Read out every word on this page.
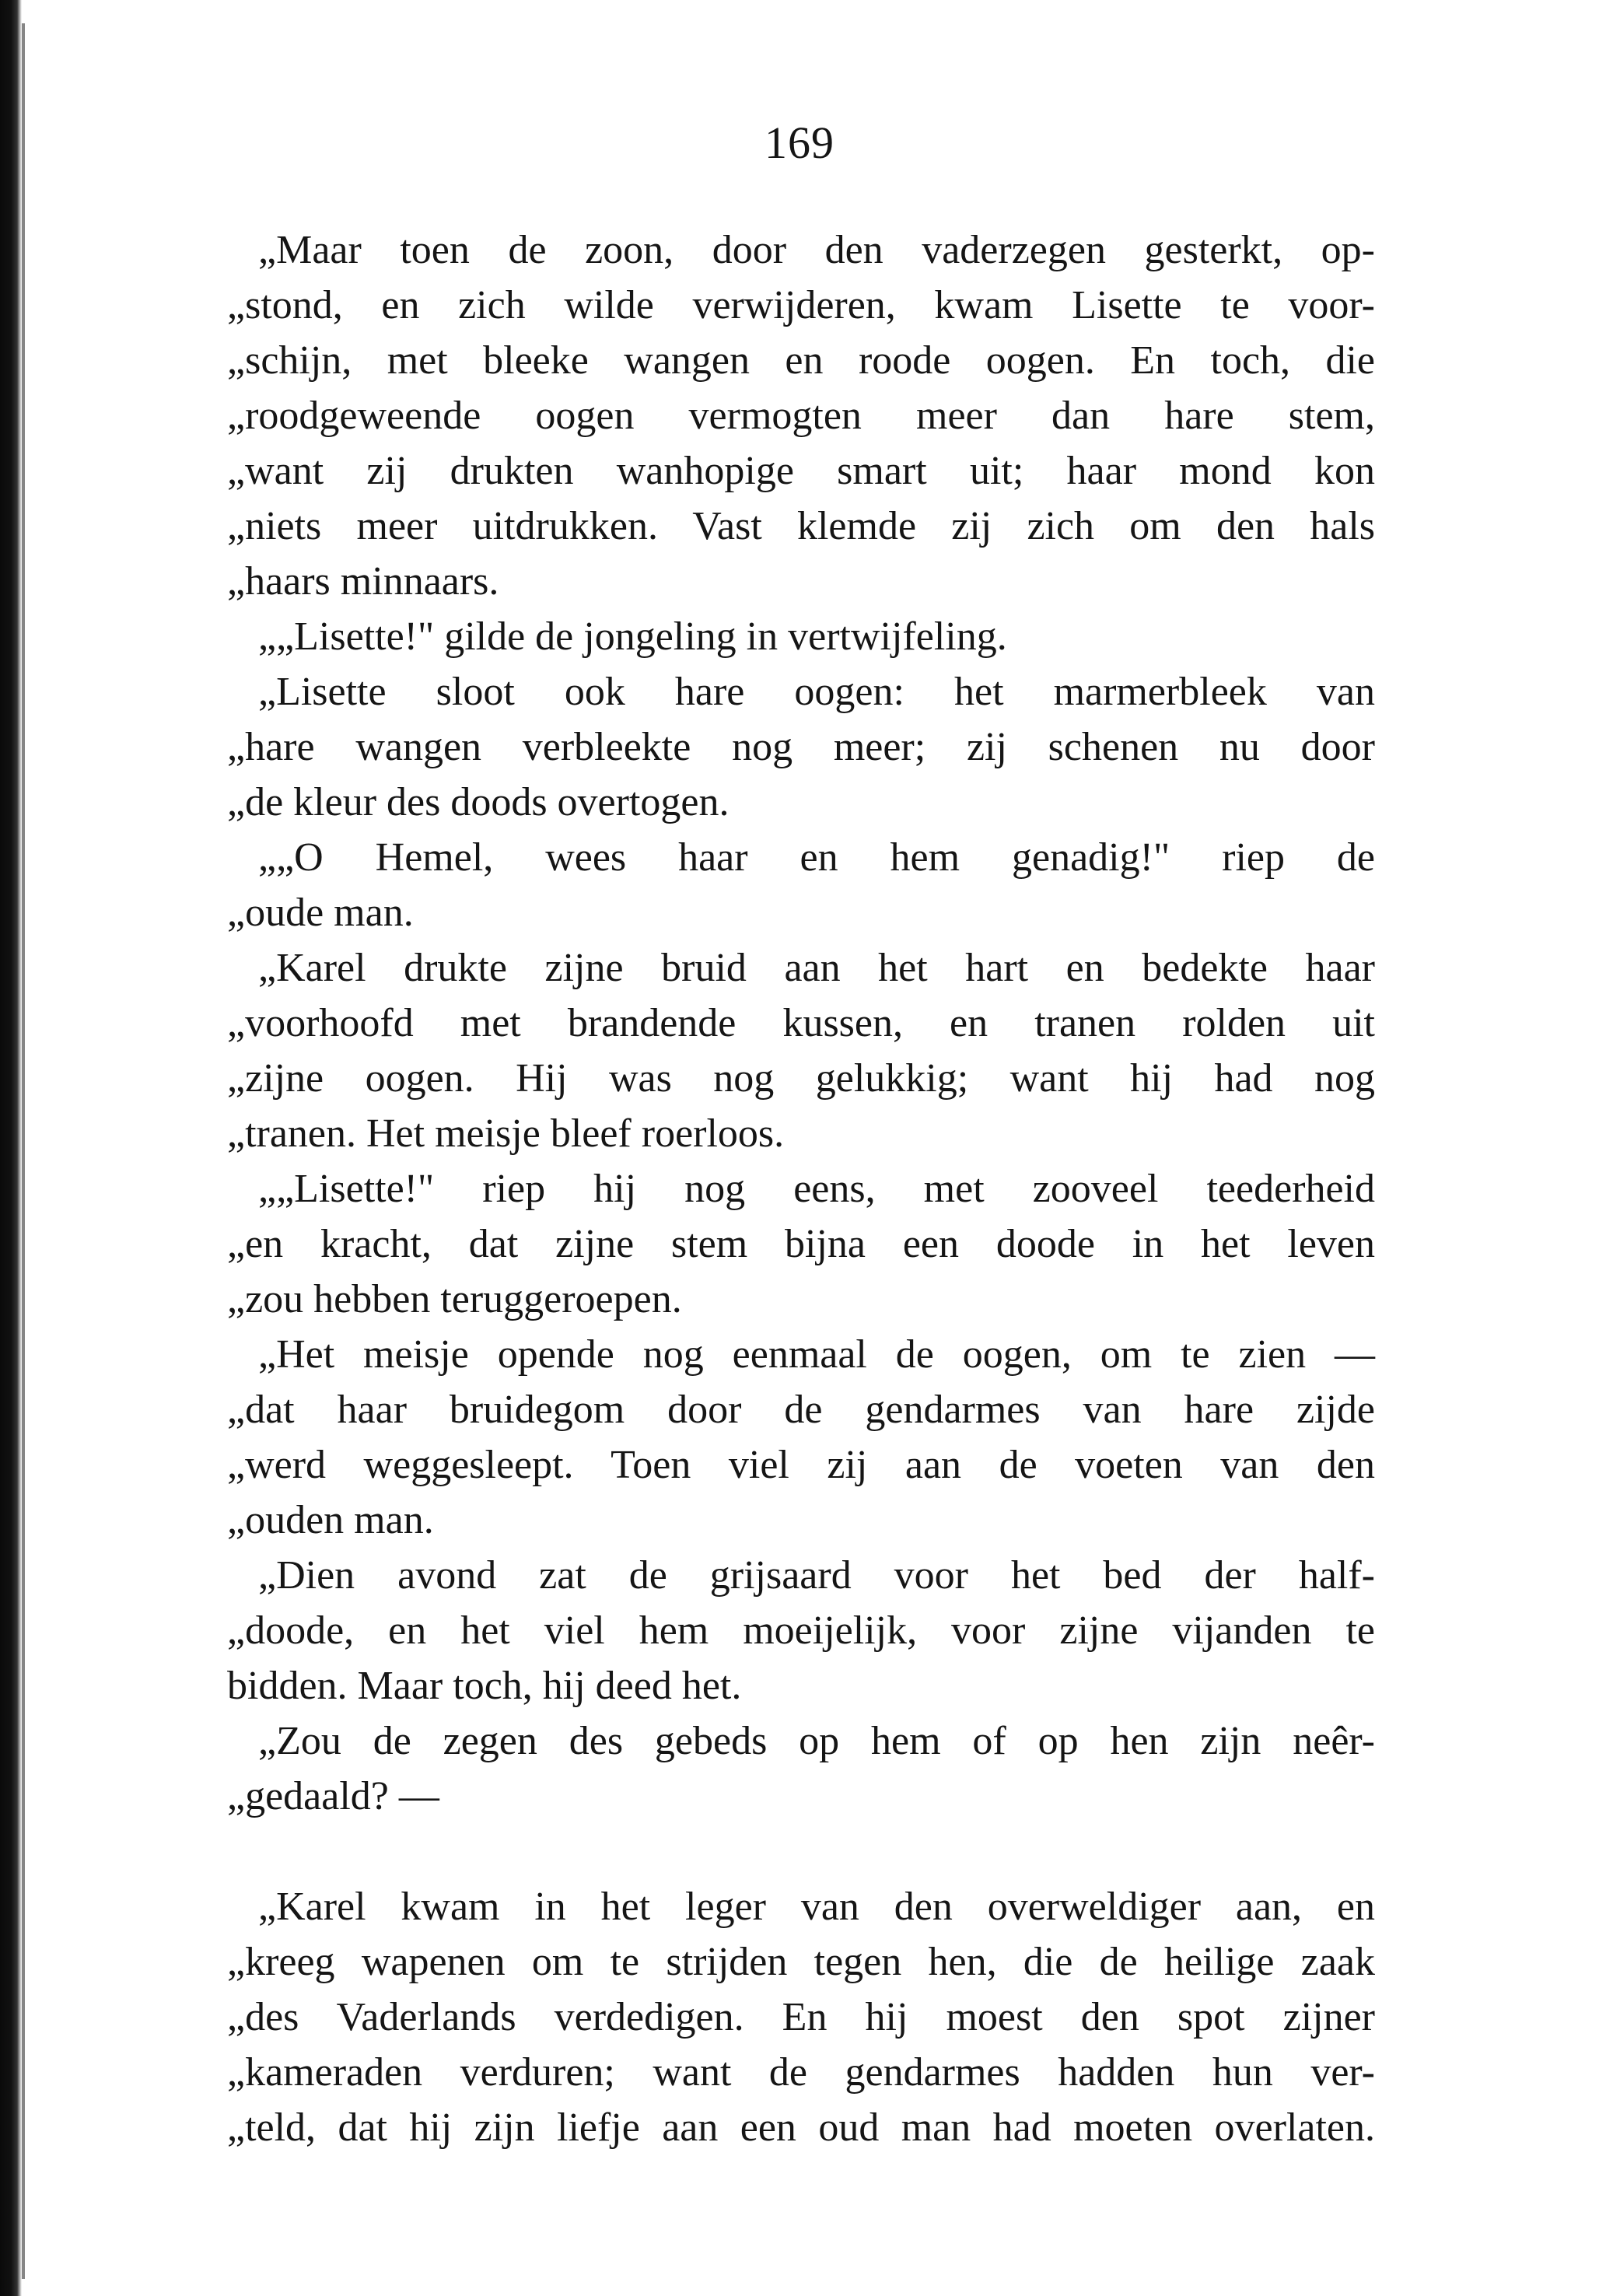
169
„Maar toen de zoon, door den vaderzegen gesterkt, op-
„stond, en zich wilde verwijderen, kwam Lisette te voor-
„schijn, met bleeke wangen en roode oogen. En toch, die
„roodgeweende oogen vermogten meer dan hare stem,
„want zij drukten wanhopige smart uit; haar mond kon
„niets meer uitdrukken. Vast klemde zij zich om den hals
„haars minnaars.
„„Lisette!" gilde de jongeling in vertwijfeling.
„Lisette sloot ook hare oogen: het marmerbleek van
„hare wangen verbleekte nog meer; zij schenen nu door
„de kleur des doods overtogen.
„„O Hemel, wees haar en hem genadig!" riep de
„oude man.
„Karel drukte zijne bruid aan het hart en bedekte haar
„voorhoofd met brandende kussen, en tranen rolden uit
„zijne oogen. Hij was nog gelukkig; want hij had nog
„tranen. Het meisje bleef roerloos.
„„Lisette!" riep hij nog eens, met zooveel teederheid
„en kracht, dat zijne stem bijna een doode in het leven
„zou hebben teruggeroepen.
„Het meisje opende nog eenmaal de oogen, om te zien —
„dat haar bruidegom door de gendarmes van hare zijde
„werd weggesleept. Toen viel zij aan de voeten van den
„ouden man.
„Dien avond zat de grijsaard voor het bed der half-
„doode, en het viel hem moeijelijk, voor zijne vijanden te
bidden. Maar toch, hij deed het.
„Zou de zegen des gebeds op hem of op hen zijn neêr-
„gedaald? —
„Karel kwam in het leger van den overweldiger aan, en
„kreeg wapenen om te strijden tegen hen, die de heilige zaak
„des Vaderlands verdedigen. En hij moest den spot zijner
„kameraden verduren; want de gendarmes hadden hun ver-
„teld, dat hij zijn liefje aan een oud man had moeten overlaten.
